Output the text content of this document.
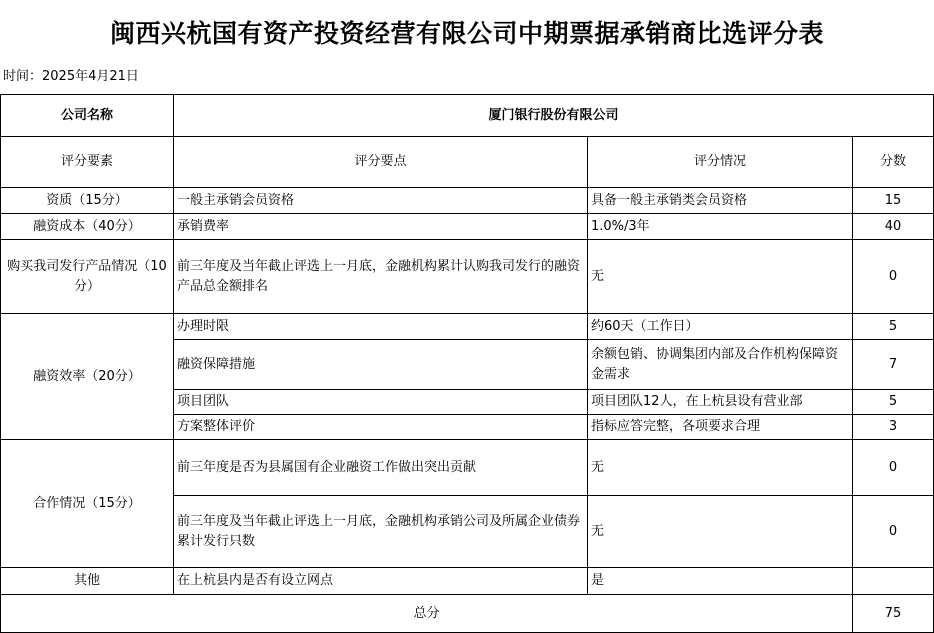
闽西兴杭国有资产投资经营有限公司中期票据承销商比选评分表
时间：2025年4月21日
公司名称	厦门银行股份有限公司		
评分要素	评分要点	评分情况	分数
资质（15分）	一般主承销会员资格	具备一般主承销类会员资格	15
融资成本（40分）	承销费率	1.0%/3年	40
购买我司发行产品情况（10分）	前三年度及当年截止评选上一月底，金融机构累计认购我司发行的融资产品总金额排名	无	0
融资效率（20分）	办理时限	约60天（工作日）	5
	融资保障措施	余额包销、协调集团内部及合作机构保障资金需求	7
	项目团队	项目团队12人，在上杭县设有营业部	5
	方案整体评价	指标应答完整，各项要求合理	3
合作情况（15分）	前三年度是否为县属国有企业融资工作做出突出贡献	无	0
	前三年度及当年截止评选上一月底，金融机构承销公司及所属企业债券累计发行只数	无	0
其他	在上杭县内是否有设立网点	是	
总分			75
